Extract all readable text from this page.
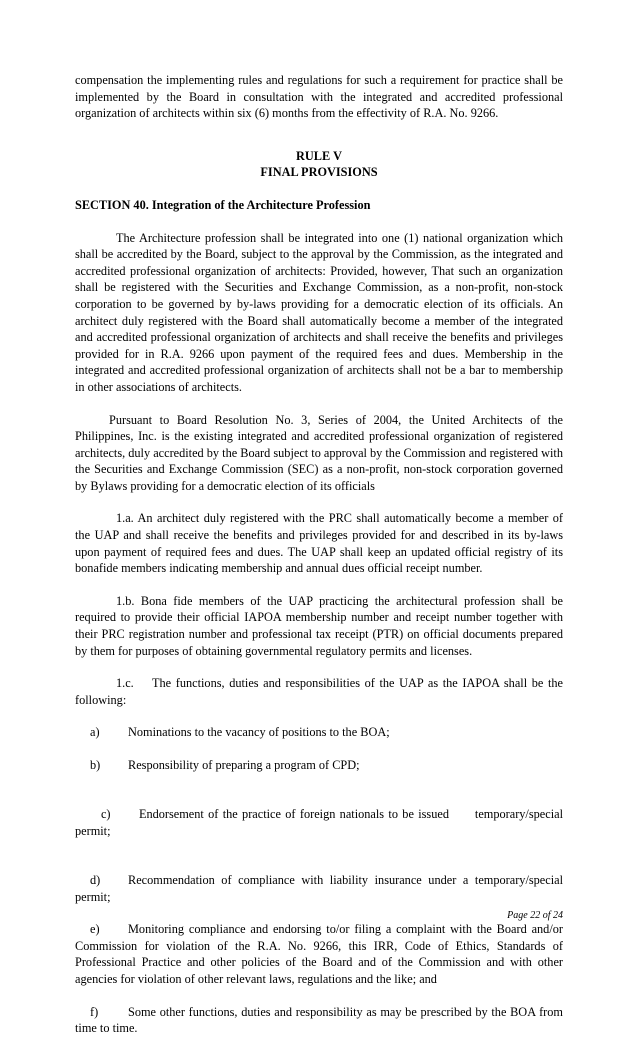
compensation the implementing rules and regulations for such a requirement for practice shall be implemented by the Board in consultation with the integrated and accredited professional organization of architects within six (6) months from the effectivity of R.A. No. 9266.

RULE V

FINAL PROVISIONS

SECTION 40. Integration of the Architecture Profession

The Architecture profession shall be integrated into one (1) national organization which shall be accredited by the Board, subject to the approval by the Commission, as the integrated and accredited professional organization of architects: Provided, however, That such an organization shall be registered with the Securities and Exchange Commission, as a non-profit, non-stock corporation to be governed by by-laws providing for a democratic election of its officials. An architect duly registered with the Board shall automatically become a member of the integrated and accredited professional organization of architects and shall receive the benefits and privileges provided for in R.A. 9266 upon payment of the required fees and dues. Membership in the integrated and accredited professional organization of architects shall not be a bar to membership in other associations of architects.

Pursuant to Board Resolution No. 3, Series of 2004, the United Architects of the Philippines, Inc. is the existing integrated and accredited professional organization of registered architects, duly accredited by the Board subject to approval by the Commission and registered with the Securities and Exchange Commission (SEC) as a non-profit, non-stock corporation governed by Bylaws providing for a democratic election of its officials

1.a. An architect duly registered with the PRC shall automatically become a member of the UAP and shall receive the benefits and privileges provided for and described in its by-laws upon payment of required fees and dues. The UAP shall keep an updated official registry of its bonafide members indicating membership and annual dues official receipt number.

1.b. Bona fide members of the UAP practicing the architectural profession shall be required to provide their official IAPOA membership number and receipt number together with their PRC registration number and professional tax receipt (PTR) on official documents prepared by them for purposes of obtaining governmental regulatory permits and licenses.

1.c.    The functions, duties and responsibilities of the UAP as the IAPOA shall be the following:

a) Nominations to the vacancy of positions to the BOA;

b) Responsibility of preparing a program of CPD;

c) Endorsement of the practice of foreign nationals to be issued      temporary/special permit;

d) Recommendation of compliance with liability insurance under a temporary/special permit;

e) Monitoring compliance and endorsing to/or filing a complaint with the Board and/or Commission for violation of the R.A. No. 9266, this IRR, Code of Ethics, Standards of Professional Practice and other policies of the Board and of the Commission and with other agencies for violation of other relevant laws, regulations and the like; and

f) Some other functions, duties and responsibility as may be prescribed by the BOA from time to time.

Page 22 of 24
